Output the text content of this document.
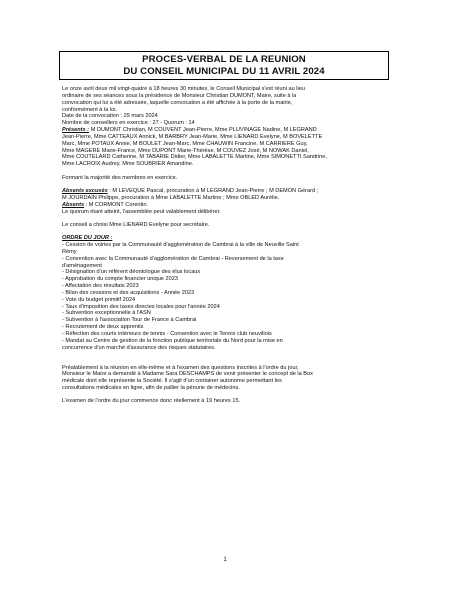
PROCES-VERBAL DE LA REUNION
DU CONSEIL MUNICIPAL DU 11 AVRIL 2024

Le onze avril deux mil vingt-quatre à 18 heures 30 minutes, le Conseil Municipal s'est réuni au lieu

ordinaire de ses séances sous la présidence de Monsieur Christian DUMONT, Maire, suite à la

convocation qui lui a été adressée, laquelle convocation a été affichée à la porte de la mairie,

conformément à la loi.

Date de la convocation : 29 mars 2024

Nombre de conseillers en exercice : 27 - Quorum : 14

Présents : M DUMONT Christian, M COUVENT Jean-Pierre, Mme PLUVINAGE Nadine, M LEGRAND

Jean-Pierre, Mme CATTEAUX Annick, M BARBRY Jean-Marie, Mme LIENARD Evelyne, M BOVELETTE

Marc, Mme POTAUX Annie, M BOULET Jean-Marc, Mme CHAUWIN Francine, M CARRIERE Guy,

Mme MAGERE Marie-France, Mme DUPONT Marie-Thérèse, M COUVEZ José, M NOWAK Daniel,

Mme COUTELARD Catherine, M TABARIE Didier, Mme LABALETTE Martine, Mme SIMONETTI Sandrine,

Mme LACROIX Audrey, Mme SOUBRIER Amandine.

Formant la majorité des membres en exercice.

Absents excusés : M LEVEQUE Pascal, procuration à M LEGRAND Jean-Pierre ; M DEMON Gérard ;

M JOURDAIN Philippe, procuration à Mme LABALETTE Martine ; Mme OBLED Aurélie.

Absents : M CORMONT Corentin.

Le quorum étant atteint, l'assemblée peut valablement délibérer.

Le conseil a choisi Mme LIENARD Evelyne pour secrétaire.

ORDRE DU JOUR :

- Cession de voiries par la Communauté d'agglomération de Cambrai à la ville de Neuville Saint

Rémy

- Convention avec la Communauté d'agglomération de Cambrai - Reversement de la taxe

d'aménagement

- Désignation d'un référent déontologue des élus locaux

- Approbation du compte financier unique 2023

- Affectation des résultats 2023

- Bilan des cessions et des acquisitions - Année 2023

- Vote du budget primitif 2024

- Taux d'imposition des taxes directes locales pour l'année 2024

- Subvention exceptionnelle à l'ASN

- Subvention à l'association Tour de France à Cambrai

- Recrutement de deux apprentis

- Réfection des courts intérieurs de tennis - Convention avec le Tennis club neuvillois

- Mandat au Centre de gestion de la fonction publique territoriale du Nord pour la mise en

concurrence d'un marché d'assurance des risques statutaires.

Préalablement à la réunion en elle-même et à l'examen des questions inscrites à l'ordre du jour,

Monsieur le Maire a demandé à Madame Sara DESCHAMPS de venir présenter le concept de la Box

médicale dont elle représente la Société. Il s'agit d'un container autonome permettant les

consultations médicales en ligne, afin de pallier la pénurie de médecins.

L'examen de l'ordre du jour commence donc réellement à 19 heures 15.

1
